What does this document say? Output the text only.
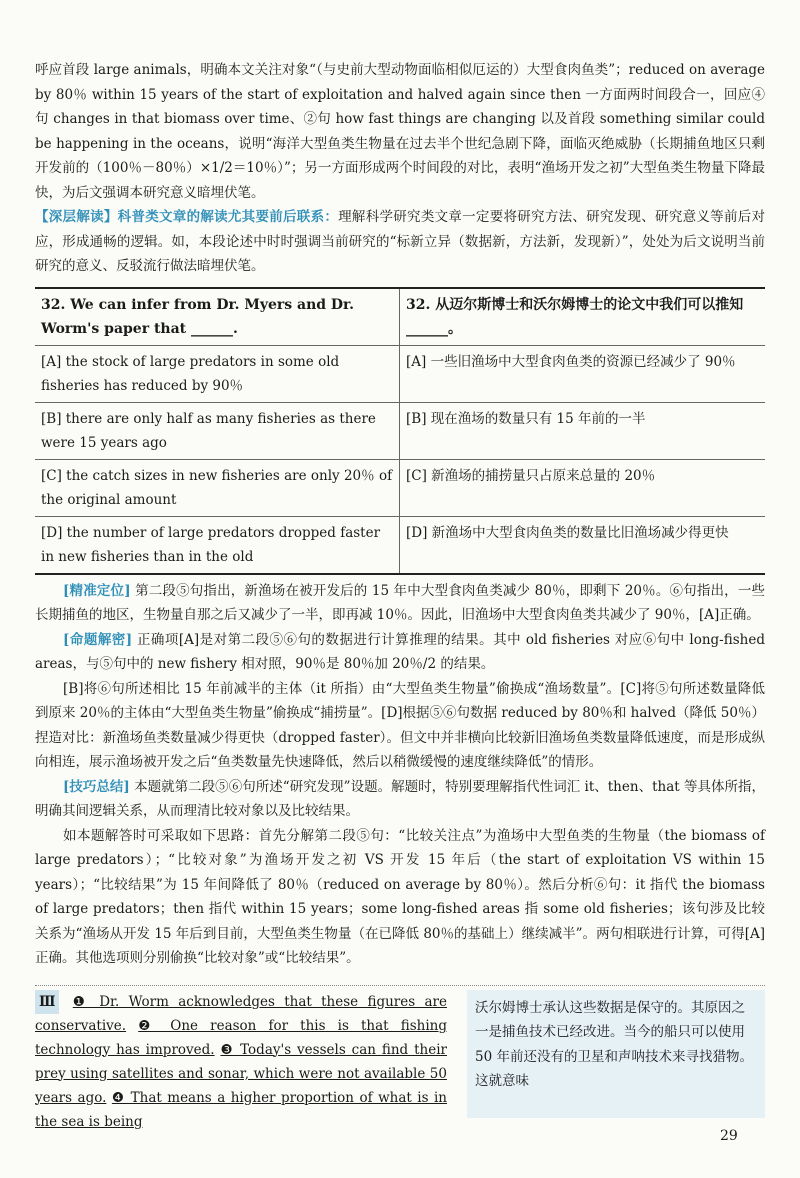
呼应首段 large animals，明确本文关注对象“（与史前大型动物面临相似厄运的）大型食肉鱼类”；reduced on average by 80％ within 15 years of the start of exploitation and halved again since then 一方面两时间段合一，回应④句 changes in that biomass over time、②句 how fast things are changing 以及首段 something similar could be happening in the oceans，说明“海洋大型鱼类生物量在过去半个世纪急剧下降，面临灭绝威胁（长期捕鱼地区只剩开发前的（100％－80％）×1/2＝10％）”；另一方面形成两个时间段的对比，表明“渔场开发之初”大型鱼类生物量下降最快，为后文强调本研究意义暗埋伏笔。

【深层解读】科普类文章的解读尤其要前后联系：理解科学研究类文章一定要将研究方法、研究发现、研究意义等前后对应，形成通畅的逻辑。如，本段论述中时时强调当前研究的“标新立异（数据新，方法新，发现新）”，处处为后文说明当前研究的意义、反驳流行做法暗埋伏笔。

32. We can infer from Dr. Myers and Dr. Worm's paper that ______.
32. 从迈尔斯博士和沃尔姆博士的论文中我们可以推知______。
[A] the stock of large predators in some old fisheries has reduced by 90％
[A] 一些旧渔场中大型食肉鱼类的资源已经减少了 90％
[B] there are only half as many fisheries as there were 15 years ago
[B] 现在渔场的数量只有 15 年前的一半
[C] the catch sizes in new fisheries are only 20％ of the original amount
[C] 新渔场的捕捞量只占原来总量的 20％
[D] the number of large predators dropped faster in new fisheries than in the old
[D] 新渔场中大型食肉鱼类的数量比旧渔场减少得更快

[精准定位] 第二段⑤句指出，新渔场在被开发后的 15 年中大型食肉鱼类减少 80％，即剩下 20％。⑥句指出，一些长期捕鱼的地区，生物量自那之后又减少了一半，即再减 10％。因此，旧渔场中大型食肉鱼类共减少了 90％，[A]正确。

[命题解密] 正确项[A]是对第二段⑤⑥句的数据进行计算推理的结果。其中 old fisheries 对应⑥句中 long-fished areas，与⑤句中的 new fishery 相对照，90％是 80％加 20％/2 的结果。

[B]将⑥句所述相比 15 年前减半的主体（it 所指）由“大型鱼类生物量”偷换成“渔场数量”。[C]将⑤句所述数量降低到原来 20％的主体由“大型鱼类生物量”偷换成“捕捞量”。[D]根据⑤⑥句数据 reduced by 80％和 halved（降低 50％）捏造对比：新渔场鱼类数量减少得更快（dropped faster）。但文中并非横向比较新旧渔场鱼类数量降低速度，而是形成纵向相连，展示渔场被开发之后“鱼类数量先快速降低，然后以稍微缓慢的速度继续降低”的情形。

[技巧总结] 本题就第二段⑤⑥句所述“研究发现”设题。解题时，特别要理解指代性词汇 it、then、that 等具体所指，明确其间逻辑关系，从而理清比较对象以及比较结果。

如本题解答时可采取如下思路：首先分解第二段⑤句：“比较关注点”为渔场中大型鱼类的生物量（the biomass of large predators）；“比较对象”为渔场开发之初 VS 开发 15 年后（the start of exploitation VS within 15 years）；“比较结果”为 15 年间降低了 80％（reduced on average by 80％）。然后分析⑥句：it 指代 the biomass of large predators；then 指代 within 15 years；some long-fished areas 指 some old fisheries；该句涉及比较关系为“渔场从开发 15 年后到目前，大型鱼类生物量（在已降低 80％的基础上）继续减半”。两句相联进行计算，可得[A]正确。其他选项则分别偷换“比较对象”或“比较结果”。

Ⅲ ❶ Dr. Worm acknowledges that these figures are conservative. ❷ One reason for this is that fishing technology has improved. ❸ Today's vessels can find their prey using satellites and sonar, which were not available 50 years ago. ❹ That means a higher proportion of what is in the sea is being
沃尔姆博士承认这些数据是保守的。其原因之一是捕鱼技术已经改进。当今的船只可以使用 50 年前还没有的卫星和声呐技术来寻找猎物。这就意味
29
